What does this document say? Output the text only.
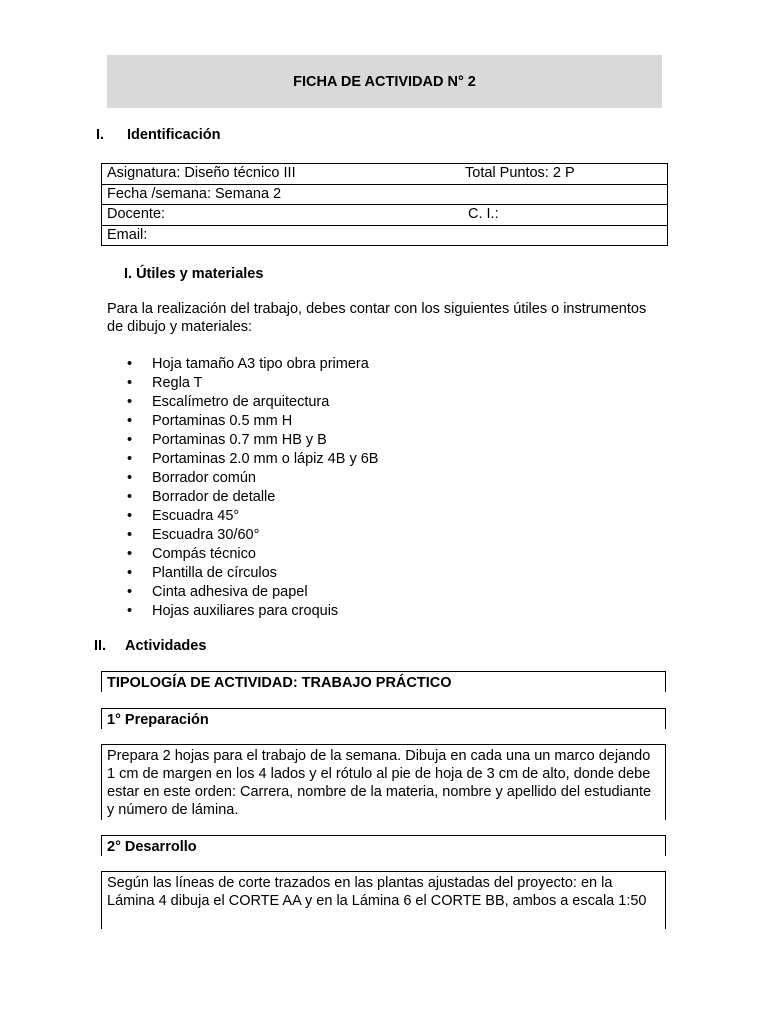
FICHA DE ACTIVIDAD N° 2
I. Identificación
Asignatura: Diseño técnico III	Total Puntos: 2 P

Fecha /semana: Semana 2

Docente:	C. I.:

Email:
I. Útiles y materiales
Para la realización del trabajo, debes contar con los siguientes útiles o instrumentos de dibujo y materiales:
•	Hoja tamaño A3 tipo obra primera
•	Regla T
•	Escalímetro de arquitectura
•	Portaminas 0.5 mm H
•	Portaminas 0.7 mm HB y B
•	Portaminas 2.0 mm o lápiz 4B y 6B
•	Borrador común
•	Borrador de detalle
•	Escuadra 45°
•	Escuadra 30/60°
•	Compás técnico
•	Plantilla de círculos
•	Cinta adhesiva de papel
•	Hojas auxiliares para croquis
II. Actividades
TIPOLOGÍA DE ACTIVIDAD: TRABAJO PRÁCTICO
1° Preparación
Prepara 2 hojas para el trabajo de la semana. Dibuja en cada una un marco dejando 1 cm de margen en los 4 lados y el rótulo al pie de hoja de 3 cm de alto, donde debe estar en este orden: Carrera, nombre de la materia, nombre y apellido del estudiante y número de lámina.
2° Desarrollo
Según las líneas de corte trazados en las plantas ajustadas del proyecto: en la Lámina 4 dibuja el CORTE AA y en la Lámina 6 el CORTE BB, ambos a escala 1:50
